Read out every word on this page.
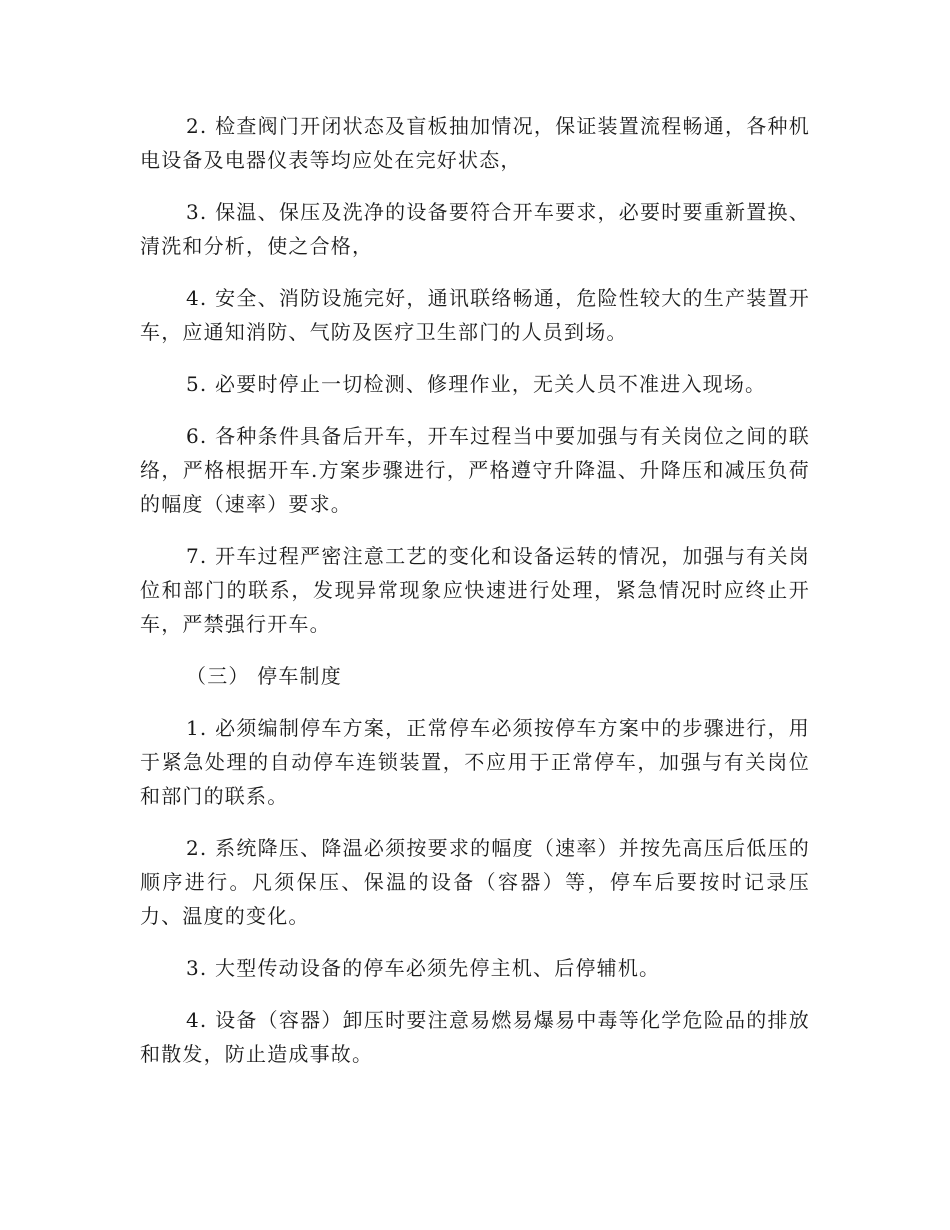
2. 检查阀门开闭状态及盲板抽加情况，保证装置流程畅通，各种机电设备及电器仪表等均应处在完好状态，

3. 保温、保压及洗净的设备要符合开车要求，必要时要重新置换、清洗和分析，使之合格，

4. 安全、消防设施完好，通讯联络畅通，危险性较大的生产装置开车，应通知消防、气防及医疗卫生部门的人员到场。

5. 必要时停止一切检测、修理作业，无关人员不准进入现场。

6. 各种条件具备后开车，开车过程当中要加强与有关岗位之间的联络，严格根据开车.方案步骤进行，严格遵守升降温、升降压和减压负荷的幅度（速率）要求。

7. 开车过程严密注意工艺的变化和设备运转的情况，加强与有关岗位和部门的联系，发现异常现象应快速进行处理，紧急情况时应终止开车，严禁强行开车。

（三） 停车制度

1. 必须编制停车方案，正常停车必须按停车方案中的步骤进行，用于紧急处理的自动停车连锁装置，不应用于正常停车，加强与有关岗位和部门的联系。

2. 系统降压、降温必须按要求的幅度（速率）并按先高压后低压的顺序进行。凡须保压、保温的设备（容器）等，停车后要按时记录压力、温度的变化。

3. 大型传动设备的停车必须先停主机、后停辅机。

4. 设备（容器）卸压时要注意易燃易爆易中毒等化学危险品的排放和散发，防止造成事故。
